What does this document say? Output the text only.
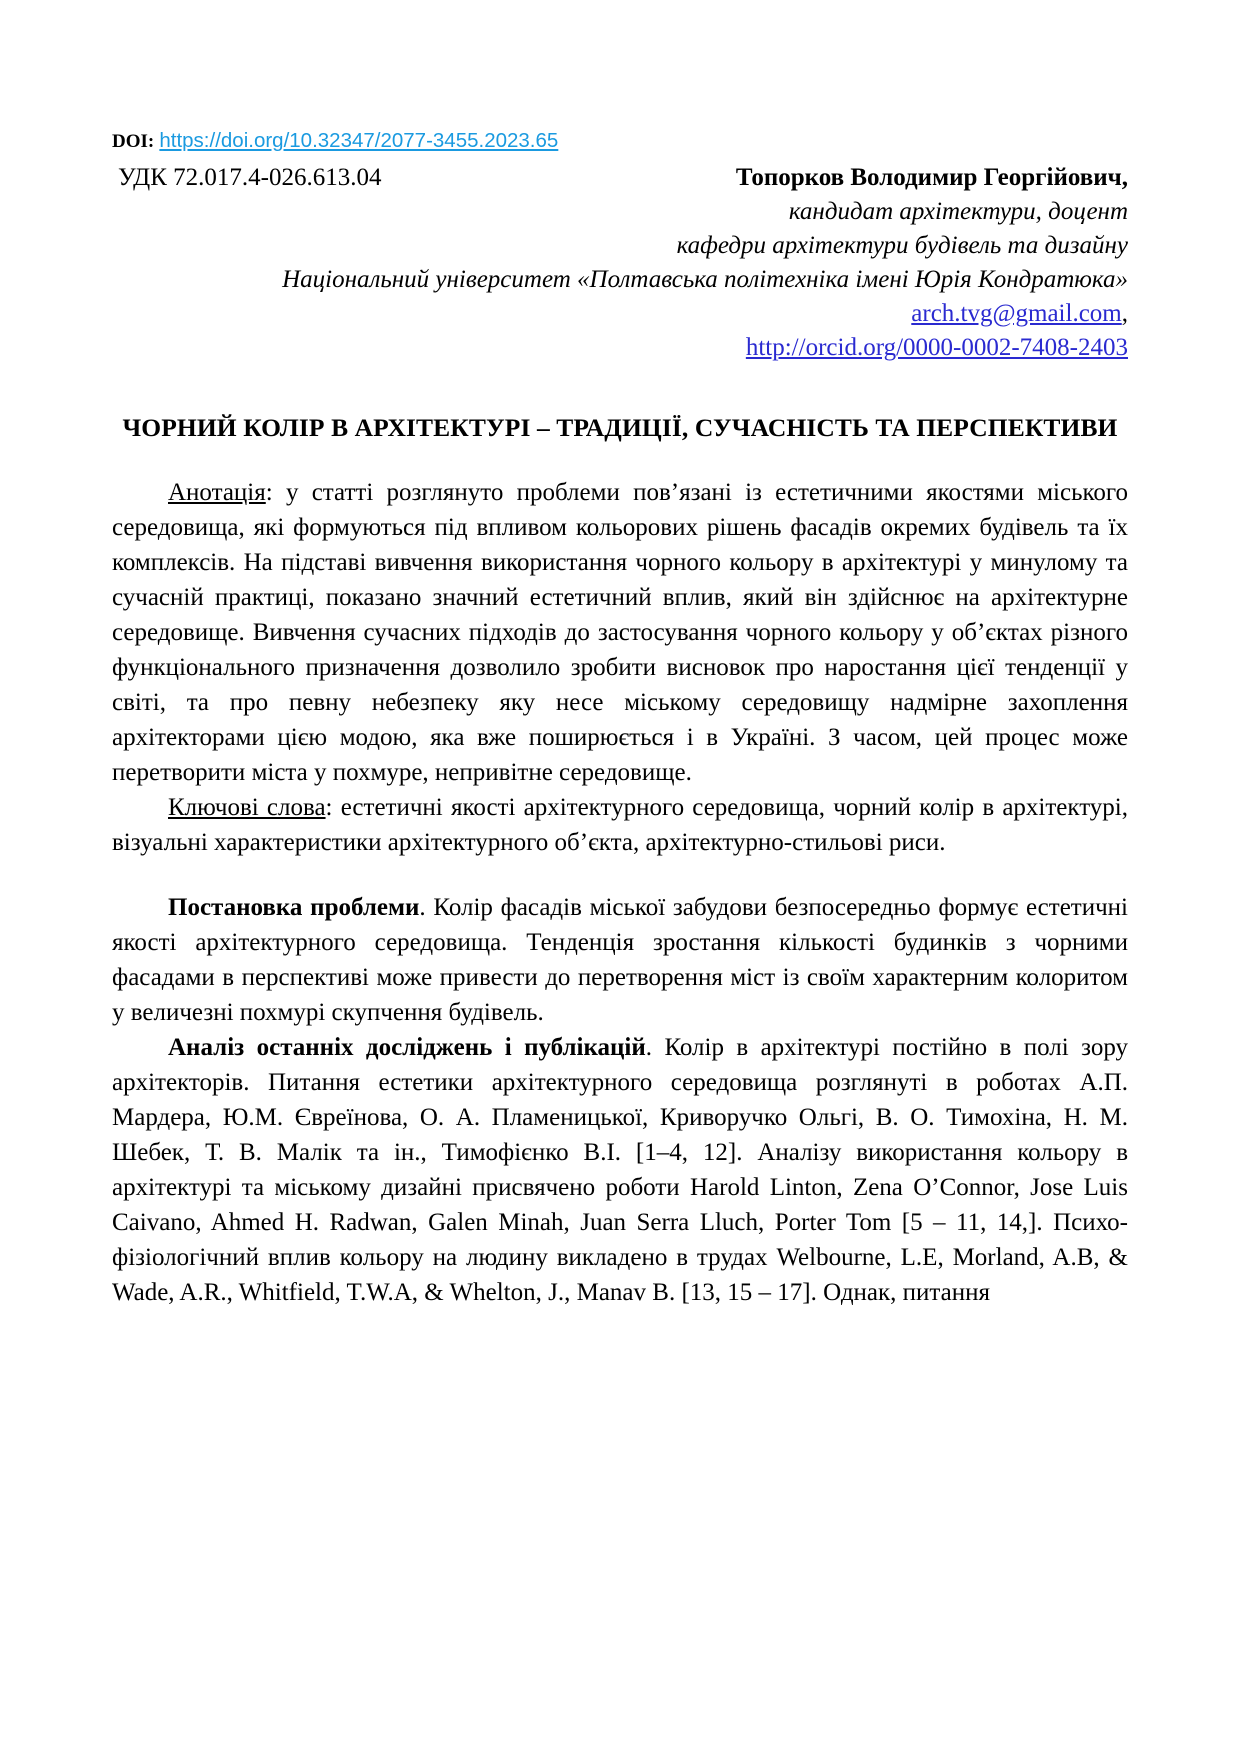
DOI: https://doi.org/10.32347/2077-3455.2023.65
УДК 72.017.4-026.613.04	Топорков Володимир Георгійович,
кандидат архітектури, доцент
кафедри архітектури будівель та дизайну
Національний університет «Полтавська політехніка імені Юрія Кондратюка»
arch.tvg@gmail.com,
http://orcid.org/0000-0002-7408-2403
ЧОРНИЙ КОЛІР В АРХІТЕКТУРІ – ТРАДИЦІЇ, СУЧАСНІСТЬ ТА ПЕРСПЕКТИВИ

Анотація: у статті розглянуто проблеми пов’язані із естетичними якостями міського середовища, які формуються під впливом кольорових рішень фасадів окремих будівель та їх комплексів. На підставі вивчення використання чорного кольору в архітектурі у минулому та сучасній практиці, показано значний естетичний вплив, який він здійснює на архітектурне середовище. Вивчення сучасних підходів до застосування чорного кольору у об’єктах різного функціонального призначення дозволило зробити висновок про наростання цієї тенденції у світі, та про певну небезпеку яку несе міському середовищу надмірне захоплення архітекторами цією модою, яка вже поширюється і в Україні. З часом, цей процес може перетворити міста у похмуре, непривітне середовище.

Ключові слова: естетичні якості архітектурного середовища, чорний колір в архітектурі, візуальні характеристики архітектурного об’єкта, архітектурно-стильові риси.

Постановка проблеми. Колір фасадів міської забудови безпосередньо формує естетичні якості архітектурного середовища. Тенденція зростання кількості будинків з чорними фасадами в перспективі може привести до перетворення міст із своїм характерним колоритом у величезні похмурі скупчення будівель.

Аналіз останніх досліджень і публікацій. Колір в архітектурі постійно в полі зору архітекторів. Питання естетики архітектурного середовища розглянуті в роботах А.П. Мардера, Ю.М. Євреїнова, О. А. Пламеницької, Криворучко Ольгі, В. О. Тимохіна, Н. М. Шебек, Т. В. Малік та ін., Тимофієнко В.І. [1–4, 12]. Аналізу використання кольору в архітектурі та міському дизайні присвячено роботи Harold Linton, Zena O’Connor, Jose Luis Caivano, Ahmed H. Radwan, Galen Minah, Juan Serra Lluch, Porter Tom [5 – 11, 14,]. Психо-фізіологічний вплив кольору на людину викладено в трудах Welbourne, L.E, Morland, A.B, & Wade, A.R., Whitfield, T.W.A, & Whelton, J., Manav B. [13, 15 – 17]. Однак, питання
